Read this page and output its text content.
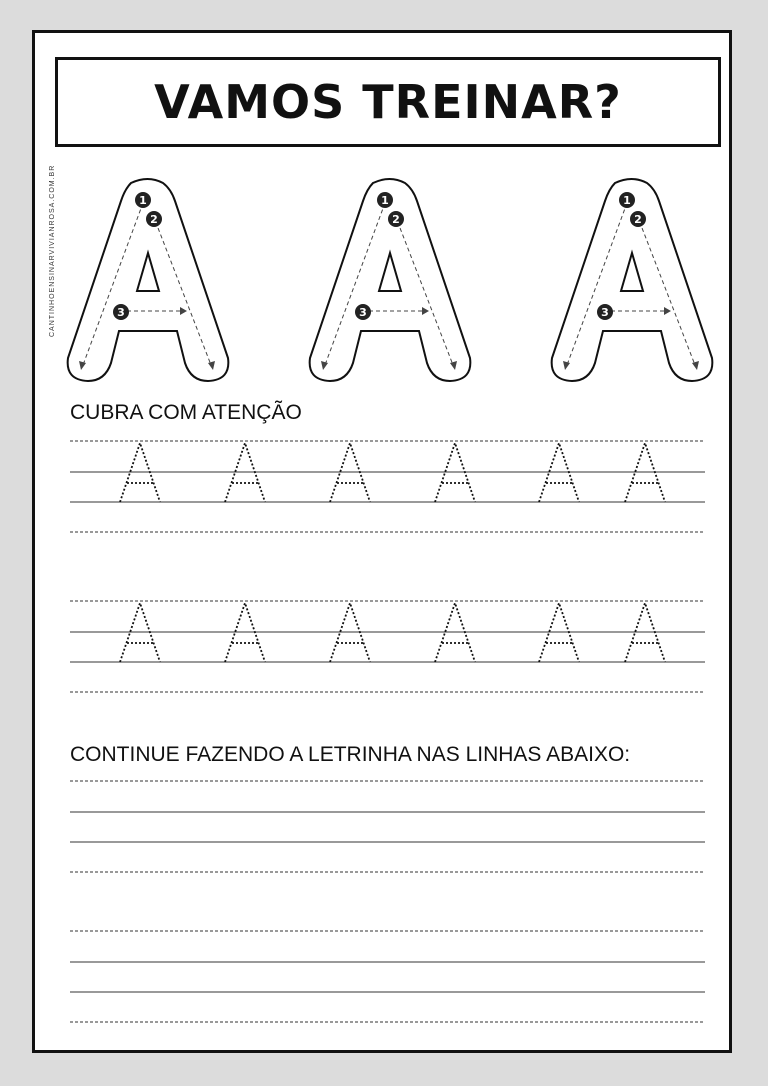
VAMOS TREINAR?
CANTINHOENSINARVIVIANROSA.COM.BR	1
2
3
1
2
3
1
2
3
CUBRA COM ATENÇÃO
CONTINUE FAZENDO A LETRINHA NAS LINHAS ABAIXO:
